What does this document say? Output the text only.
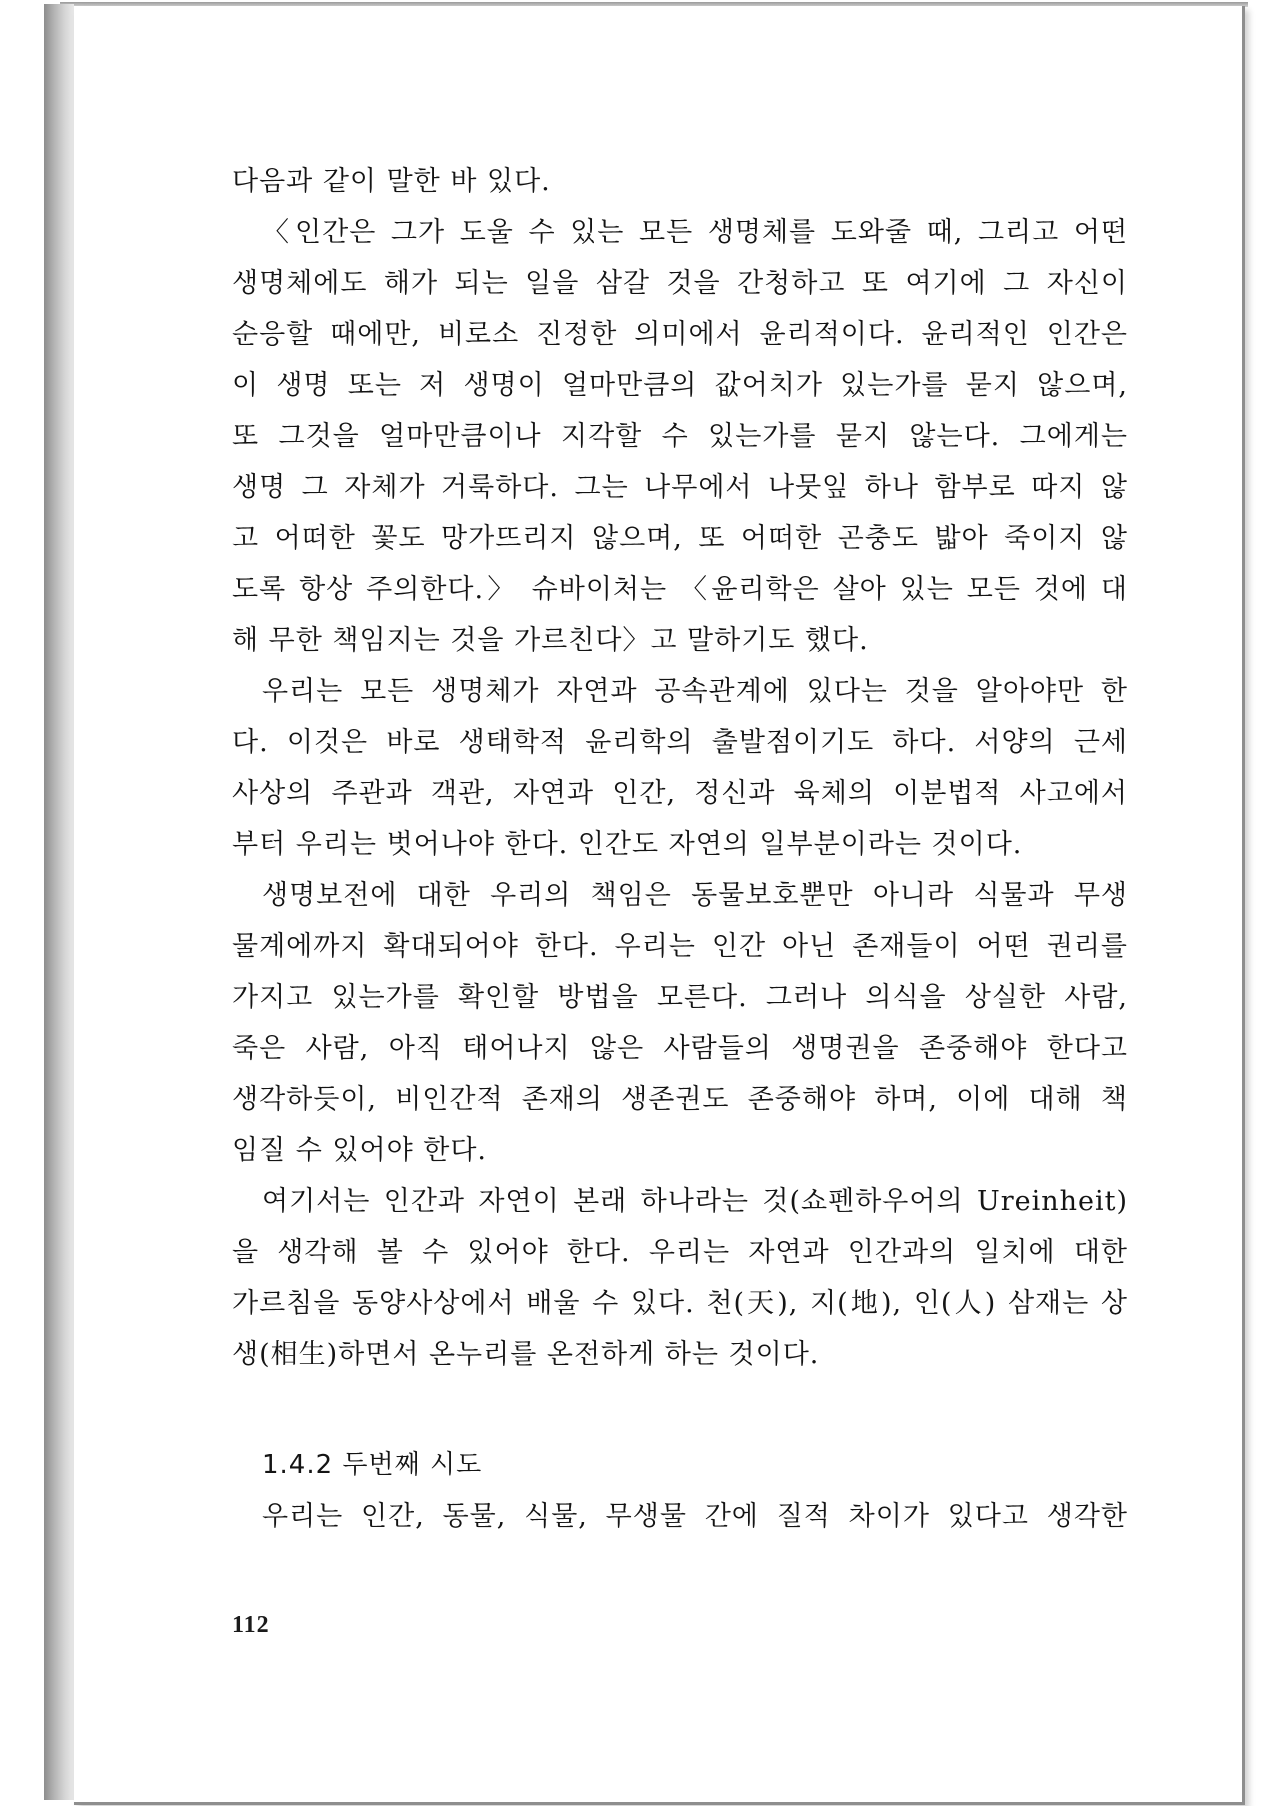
다음과 같이 말한 바 있다.
〈인간은 그가 도울 수 있는 모든 생명체를 도와줄 때, 그리고 어떤
생명체에도 해가 되는 일을 삼갈 것을 간청하고 또 여기에 그 자신이
순응할 때에만, 비로소 진정한 의미에서 윤리적이다. 윤리적인 인간은
이 생명 또는 저 생명이 얼마만큼의 값어치가 있는가를 묻지 않으며,
또 그것을 얼마만큼이나 지각할 수 있는가를 묻지 않는다. 그에게는
생명 그 자체가 거룩하다. 그는 나무에서 나뭇잎 하나 함부로 따지 않
고 어떠한 꽃도 망가뜨리지 않으며, 또 어떠한 곤충도 밟아 죽이지 않
도록 항상 주의한다.〉 슈바이처는 〈윤리학은 살아 있는 모든 것에 대
해 무한 책임지는 것을 가르친다〉고 말하기도 했다.
우리는 모든 생명체가 자연과 공속관계에 있다는 것을 알아야만 한
다. 이것은 바로 생태학적 윤리학의 출발점이기도 하다. 서양의 근세
사상의 주관과 객관, 자연과 인간, 정신과 육체의 이분법적 사고에서
부터 우리는 벗어나야 한다. 인간도 자연의 일부분이라는 것이다.
생명보전에 대한 우리의 책임은 동물보호뿐만 아니라 식물과 무생
물계에까지 확대되어야 한다. 우리는 인간 아닌 존재들이 어떤 권리를
가지고 있는가를 확인할 방법을 모른다. 그러나 의식을 상실한 사람,
죽은 사람, 아직 태어나지 않은 사람들의 생명권을 존중해야 한다고
생각하듯이, 비인간적 존재의 생존권도 존중해야 하며, 이에 대해 책
임질 수 있어야 한다.
여기서는 인간과 자연이 본래 하나라는 것(쇼펜하우어의 Ureinheit)
을 생각해 볼 수 있어야 한다. 우리는 자연과 인간과의 일치에 대한
가르침을 동양사상에서 배울 수 있다. 천(天), 지(地), 인(人) 삼재는 상
생(相生)하면서 온누리를 온전하게 하는 것이다.
1.4.2 두번째 시도
우리는 인간, 동물, 식물, 무생물 간에 질적 차이가 있다고 생각한
112
